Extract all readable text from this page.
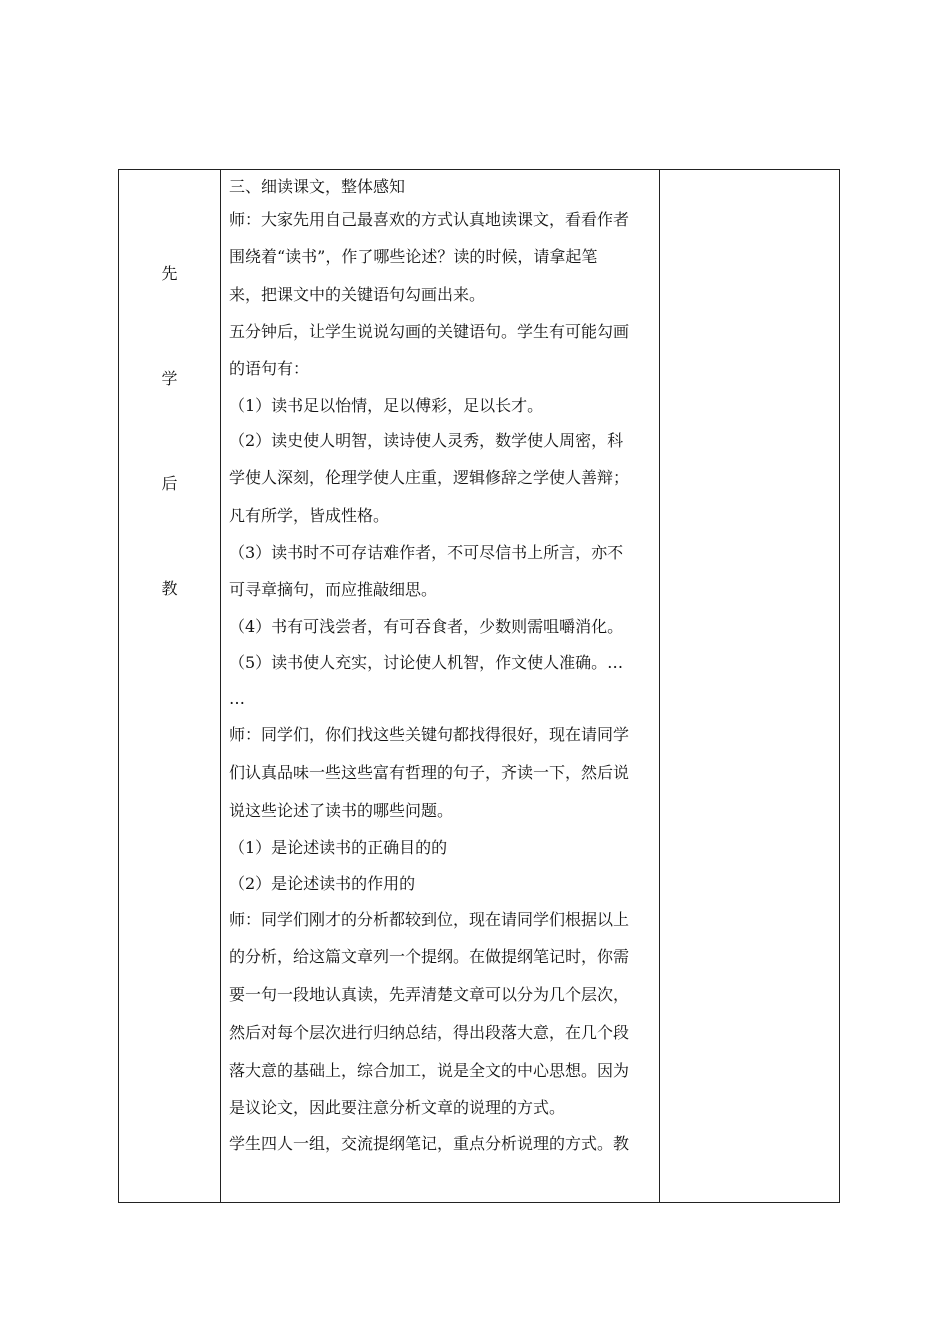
先
学
后
教
三、细读课文，整体感知
师：大家先用自己最喜欢的方式认真地读课文，看看作者
围绕着“读书”，作了哪些论述？读的时候，请拿起笔
来，把课文中的关键语句勾画出来。
五分钟后，让学生说说勾画的关键语句。学生有可能勾画
的语句有：
（1）读书足以怡情，足以傅彩，足以长才。
（2）读史使人明智，读诗使人灵秀，数学使人周密，科
学使人深刻，伦理学使人庄重，逻辑修辞之学使人善辩；
凡有所学，皆成性格。
（3）读书时不可存诘难作者，不可尽信书上所言，亦不
可寻章摘句，而应推敲细思。
（4）书有可浅尝者，有可吞食者，少数则需咀嚼消化。
（5）读书使人充实，讨论使人机智，作文使人准确。…
…
师：同学们，你们找这些关键句都找得很好，现在请同学
们认真品味一些这些富有哲理的句子，齐读一下，然后说
说这些论述了读书的哪些问题。
（1）是论述读书的正确目的的
（2）是论述读书的作用的
师：同学们刚才的分析都较到位，现在请同学们根据以上
的分析，给这篇文章列一个提纲。在做提纲笔记时，你需
要一句一段地认真读，先弄清楚文章可以分为几个层次，
然后对每个层次进行归纳总结，得出段落大意，在几个段
落大意的基础上，综合加工，说是全文的中心思想。因为
是议论文，因此要注意分析文章的说理的方式。
学生四人一组，交流提纲笔记，重点分析说理的方式。教
